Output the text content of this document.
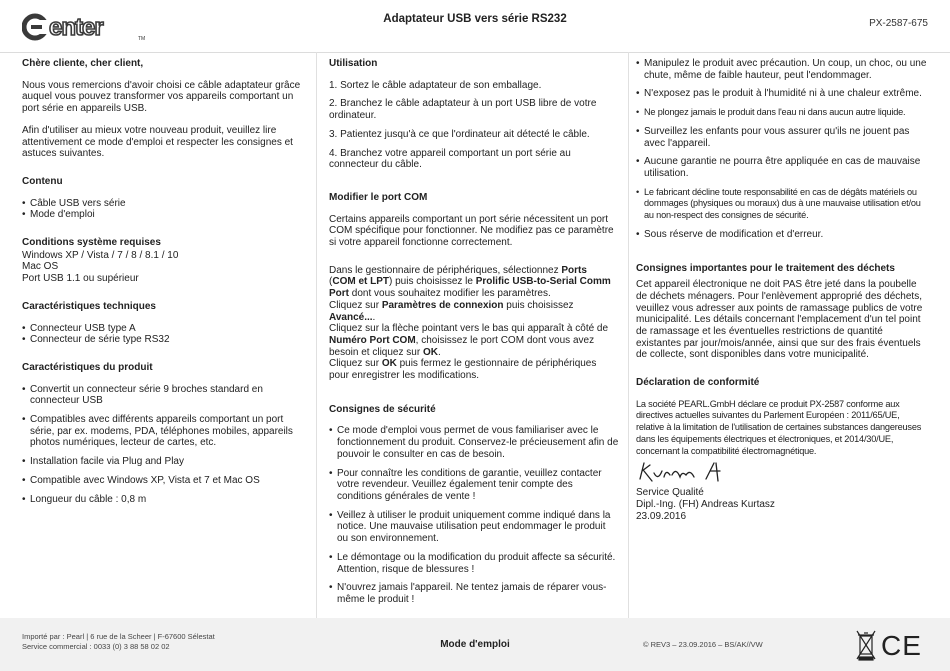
enter	TM
Adaptateur USB vers série RS232	PX-2587-675
Chère cliente, cher client,

Nous vous remercions d'avoir choisi ce câble adaptateur grâce auquel vous pouvez transformer vos appareils comportant un port série en appareils USB.

Afin d'utiliser au mieux votre nouveau produit, veuillez lire attentivement ce mode d'emploi et respecter les consignes et astuces suivantes.

Contenu
• Câble USB vers série
• Mode d'emploi
Conditions système requises

Windows XP / Vista / 7 / 8 / 8.1 / 10

Mac OS

Port USB 1.1 ou supérieur

Caractéristiques techniques
• Connecteur USB type A
• Connecteur de série type RS32
Caractéristiques du produit
• Convertit un connecteur série 9 broches standard en connecteur USB
• Compatibles avec différents appareils comportant un port série, par ex. modems, PDA, téléphones mobiles, appareils photos numériques, lecteur de cartes, etc.
• Installation facile via Plug and Play
• Compatible avec Windows XP, Vista et 7 et Mac OS
• Longueur du câble : 0,8 m
Utilisation
1. Sortez le câble adaptateur de son emballage.
2. Branchez le câble adaptateur à un port USB libre de votre ordinateur.
3. Patientez jusqu'à ce que l'ordinateur ait détecté le câble.
4. Branchez votre appareil comportant un port série au connecteur du câble.
Modifier le port COM

Certains appareils comportant un port série nécessitent un port COM spécifique pour fonctionner. Ne modifiez pas ce paramètre si votre appareil fonctionne correctement.

Dans le gestionnaire de périphériques, sélectionnez Ports
(COM et LPT) puis choisissez le Prolific USB-to-Serial Comm Port dont vous souhaitez modifier les paramètres.
Cliquez sur Paramètres de connexion puis choisissez
Avancé....
Cliquez sur la flèche pointant vers le bas qui apparaît à côté de Numéro Port COM, choisissez le port COM dont vous avez besoin et cliquez sur OK.
Cliquez sur OK puis fermez le gestionnaire de périphériques pour enregistrer les modifications.

Consignes de sécurité
• Ce mode d'emploi vous permet de vous familiariser avec le fonctionnement du produit. Conservez-le précieusement afin de pouvoir le consulter en cas de besoin.
• Pour connaître les conditions de garantie, veuillez contacter votre revendeur. Veuillez également tenir compte des conditions générales de vente !
• Veillez à utiliser le produit uniquement comme indiqué dans la notice. Une mauvaise utilisation peut endommager le produit ou son environnement.
• Le démontage ou la modification du produit affecte sa sécurité. Attention, risque de blessures !
• N'ouvrez jamais l'appareil. Ne tentez jamais de réparer vous-même le produit !
• Manipulez le produit avec précaution. Un coup, un choc, ou une chute, même de faible hauteur, peut l'endommager.
• N'exposez pas le produit à l'humidité ni à une chaleur extrême.
• Ne plongez jamais le produit dans l'eau ni dans aucun autre liquide.
• Surveillez les enfants pour vous assurer qu'ils ne jouent pas avec l'appareil.
• Aucune garantie ne pourra être appliquée en cas de mauvaise utilisation.
• Le fabricant décline toute responsabilité en cas de dégâts matériels ou dommages (physiques ou moraux) dus à une mauvaise utilisation et/ou au non-respect des consignes de sécurité.
• Sous réserve de modification et d'erreur.
Consignes importantes pour le traitement des déchets

Cet appareil électronique ne doit PAS être jeté dans la poubelle de déchets ménagers. Pour l'enlèvement approprié des déchets, veuillez vous adresser aux points de ramassage publics de votre municipalité. Les détails concernant l'emplacement d'un tel point de ramassage et les éventuelles restrictions de quantité existantes par jour/mois/année, ainsi que sur des frais éventuels de collecte, sont disponibles dans votre municipalité.

Déclaration de conformité

La société PEARL.GmbH déclare ce produit PX-2587 conforme aux directives actuelles suivantes du Parlement Européen : 2011/65/UE, relative à la limitation de l'utilisation de certaines substances dangereuses dans les équipements électriques et électroniques, et 2014/30/UE, concernant la compatibilité électromagnétique.

Service Qualité

Dipl.-Ing. (FH) Andreas Kurtasz

23.09.2016

Importé par : Pearl | 6 rue de la Scheer | F-67600 Sélestat
Service commercial : 0033 (0) 3 88 58 02 02	Mode d'emploi	© REV3 – 23.09.2016 – BS/AK//VW	CE
